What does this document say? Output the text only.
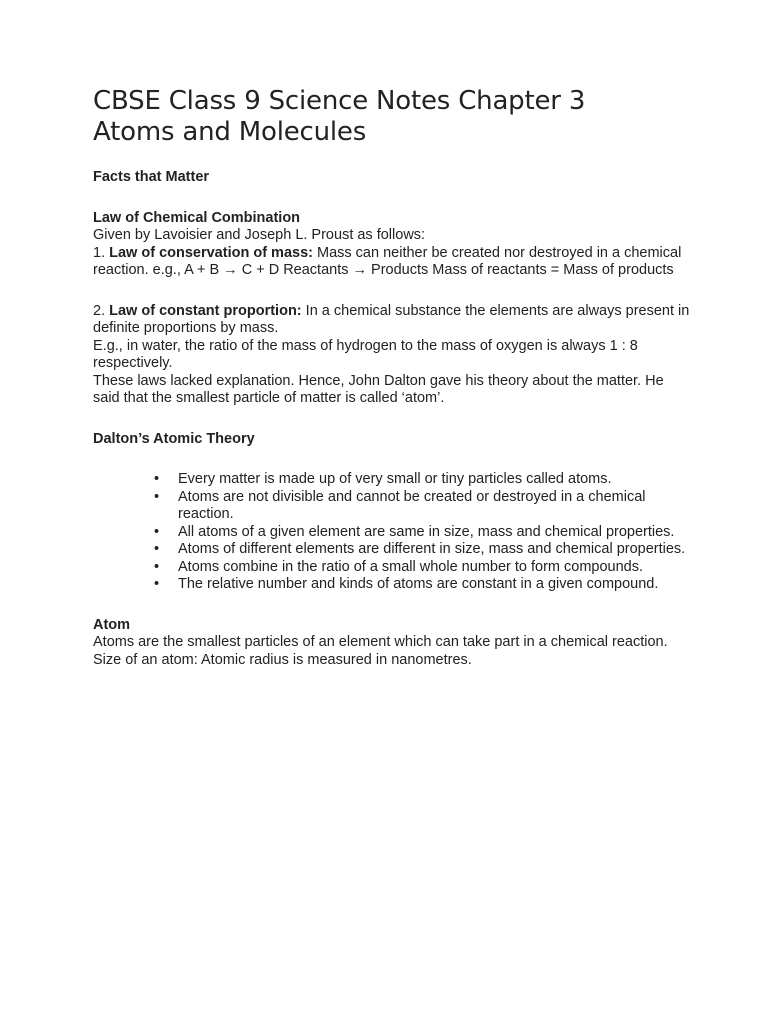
CBSE Class 9 Science Notes Chapter 3
Atoms and Molecules
Facts that Matter
Law of Chemical Combination

Given by Lavoisier and Joseph L. Proust as follows:

1. Law of conservation of mass: Mass can neither be created nor destroyed in a chemical reaction. e.g., A + B → C + D Reactants → Products Mass of reactants = Mass of products

2. Law of constant proportion: In a chemical substance the elements are always present in definite proportions by mass.

E.g., in water, the ratio of the mass of hydrogen to the mass of oxygen is always 1 : 8 respectively.

These laws lacked explanation. Hence, John Dalton gave his theory about the matter. He said that the smallest particle of matter is called ‘atom’.

Dalton’s Atomic Theory
• Every matter is made up of very small or tiny particles called atoms.
• Atoms are not divisible and cannot be created or destroyed in a chemical reaction.
• All atoms of a given element are same in size, mass and chemical properties.
• Atoms of different elements are different in size, mass and chemical properties.
• Atoms combine in the ratio of a small whole number to form compounds.
• The relative number and kinds of atoms are constant in a given compound.
Atom

Atoms are the smallest particles of an element which can take part in a chemical reaction.

Size of an atom: Atomic radius is measured in nanometres.
